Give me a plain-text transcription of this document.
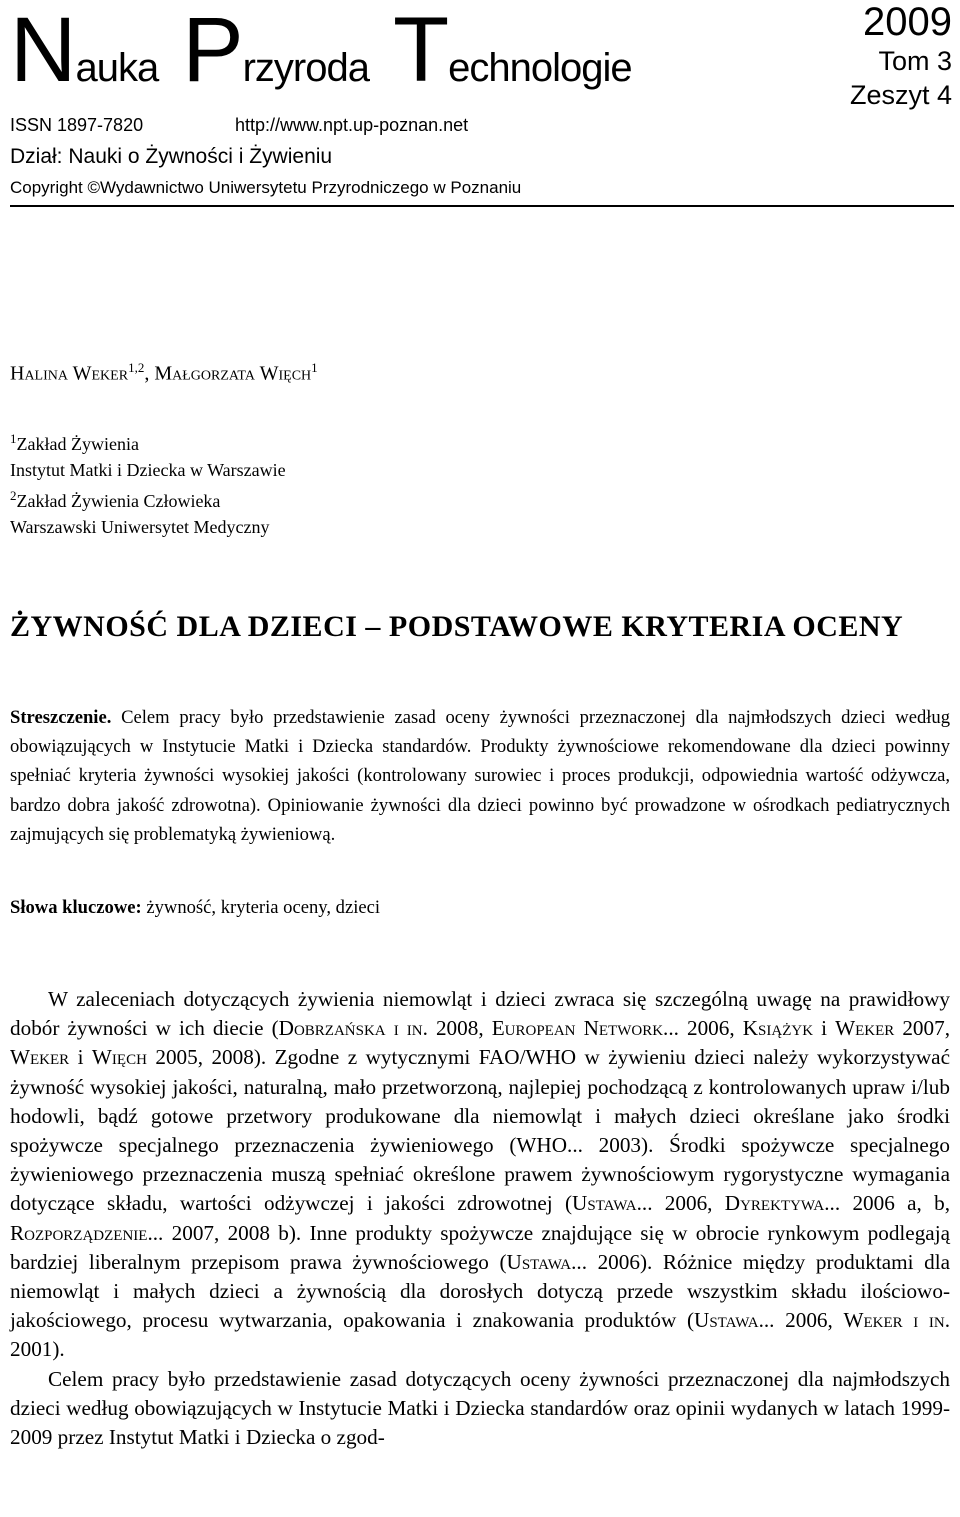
Nauka Przyroda Technologie
2009
Tom 3
Zeszyt 4
ISSN 1897-7820	http://www.npt.up-poznan.net
Dział: Nauki o Żywności i Żywieniu
Copyright ©Wydawnictwo Uniwersytetu Przyrodniczego w Poznaniu
Halina Weker$^{1,2}$, Małgorzata Więch$^1$
$^1$Zakład Żywienia
Instytut Matki i Dziecka w Warszawie
$^2$Zakład Żywienia Człowieka
Warszawski Uniwersytet Medyczny
ŻYWNOŚĆ DLA DZIECI – PODSTAWOWE KRYTERIA OCENY
Streszczenie. Celem pracy było przedstawienie zasad oceny żywności przeznaczonej dla najmłodszych dzieci według obowiązujących w Instytucie Matki i Dziecka standardów. Produkty żywnościowe rekomendowane dla dzieci powinny spełniać kryteria żywności wysokiej jakości (kontrolowany surowiec i proces produkcji, odpowiednia wartość odżywcza, bardzo dobra jakość zdrowotna). Opiniowanie żywności dla dzieci powinno być prowadzone w ośrodkach pediatrycznych zajmujących się problematyką żywieniową.
Słowa kluczowe: żywność, kryteria oceny, dzieci

W zaleceniach dotyczących żywienia niemowląt i dzieci zwraca się szczególną uwagę na prawidłowy dobór żywności w ich diecie (Dobrzańska i in. 2008, European Network... 2006, Książyk i Weker 2007, Weker i Więch 2005, 2008). Zgodne z wytycznymi FAO/WHO w żywieniu dzieci należy wykorzystywać żywność wysokiej jakości, naturalną, mało przetworzoną, najlepiej pochodzącą z kontrolowanych upraw i/lub hodowli, bądź gotowe przetwory produkowane dla niemowląt i małych dzieci określane jako środki spożywcze specjalnego przeznaczenia żywieniowego (WHO... 2003). Środki spożywcze specjalnego żywieniowego przeznaczenia muszą spełniać określone prawem żywnościowym rygorystyczne wymagania dotyczące składu, wartości odżywczej i jakości zdrowotnej (Ustawa... 2006, Dyrektywa... 2006 a, b, Rozporządzenie... 2007, 2008 b). Inne produkty spożywcze znajdujące się w obrocie rynkowym podlegają bardziej liberalnym przepisom prawa żywnościowego (Ustawa... 2006). Różnice między produktami dla niemowląt i małych dzieci a żywnością dla dorosłych dotyczą przede wszystkim składu ilościowo-jakościowego, procesu wytwarzania, opakowania i znakowania produktów (Ustawa... 2006, Weker i in. 2001).

Celem pracy było przedstawienie zasad dotyczących oceny żywności przeznaczonej dla najmłodszych dzieci według obowiązujących w Instytucie Matki i Dziecka standardów oraz opinii wydanych w latach 1999-2009 przez Instytut Matki i Dziecka o zgod-
